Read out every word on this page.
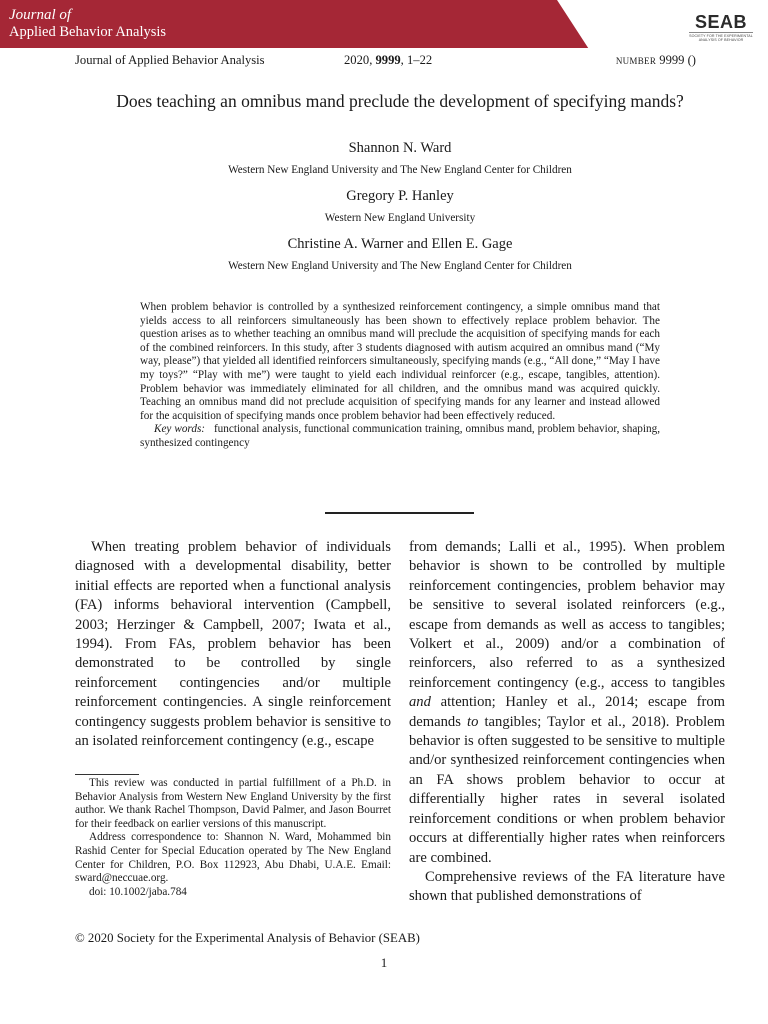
Journal of
Applied Behavior Analysis	SEAB
SOCIETY FOR THE EXPERIMENTAL
ANALYSIS OF BEHAVIOR
Journal of Applied Behavior Analysis	2020, 9999, 1–22	number 9999 ()
Does teaching an omnibus mand preclude the development of specifying mands?
Shannon N. Ward
Western New England University and The New England Center for Children
Gregory P. Hanley
Western New England University
Christine A. Warner and Ellen E. Gage
Western New England University and The New England Center for Children

When problem behavior is controlled by a synthesized reinforcement contingency, a simple omnibus mand that yields access to all reinforcers simultaneously has been shown to effectively replace problem behavior. The question arises as to whether teaching an omnibus mand will preclude the acquisition of specifying mands for each of the combined reinforcers. In this study, after 3 students diagnosed with autism acquired an omnibus mand (“My way, please”) that yielded all identified reinforcers simultaneously, specifying mands (e.g., “All done,” “May I have my toys?” “Play with me”) were taught to yield each individual reinforcer (e.g., escape, tangibles, attention). Problem behavior was immediately eliminated for all children, and the omnibus mand was acquired quickly. Teaching an omnibus mand did not preclude acquisition of specifying mands for any learner and instead allowed for the acquisition of specifying mands once problem behavior had been effectively reduced.

Key words: functional analysis, functional communication training, omnibus mand, problem behavior, shaping, synthesized contingency

When treating problem behavior of individuals diagnosed with a developmental disability, better initial effects are reported when a functional analysis (FA) informs behavioral intervention (Campbell, 2003; Herzinger & Campbell, 2007; Iwata et al., 1994). From FAs, problem behavior has been demonstrated to be controlled by single reinforcement contingencies and/or multiple reinforcement contingencies. A single reinforcement contingency suggests problem behavior is sensitive to an isolated reinforcement contingency (e.g., escape

from demands; Lalli et al., 1995). When problem behavior is shown to be controlled by multiple reinforcement contingencies, problem behavior may be sensitive to several isolated reinforcers (e.g., escape from demands as well as access to tangibles; Volkert et al., 2009) and/or a combination of reinforcers, also referred to as a synthesized reinforcement contingency (e.g., access to tangibles and attention; Hanley et al., 2014; escape from demands to tangibles; Taylor et al., 2018). Problem behavior is often suggested to be sensitive to multiple and/or synthesized reinforcement contingencies when an FA shows problem behavior to occur at differentially higher rates in several isolated reinforcement conditions or when problem behavior occurs at differentially higher rates when reinforcers are combined.

Comprehensive reviews of the FA literature have shown that published demonstrations of

This review was conducted in partial fulfillment of a Ph.D. in Behavior Analysis from Western New England University by the first author. We thank Rachel Thompson, David Palmer, and Jason Bourret for their feedback on earlier versions of this manuscript.

Address correspondence to: Shannon N. Ward, Mohammed bin Rashid Center for Special Education operated by The New England Center for Children, P.O. Box 112923, Abu Dhabi, U.A.E. Email: sward@neccuae.org.

doi: 10.1002/jaba.784

© 2020 Society for the Experimental Analysis of Behavior (SEAB)
1
